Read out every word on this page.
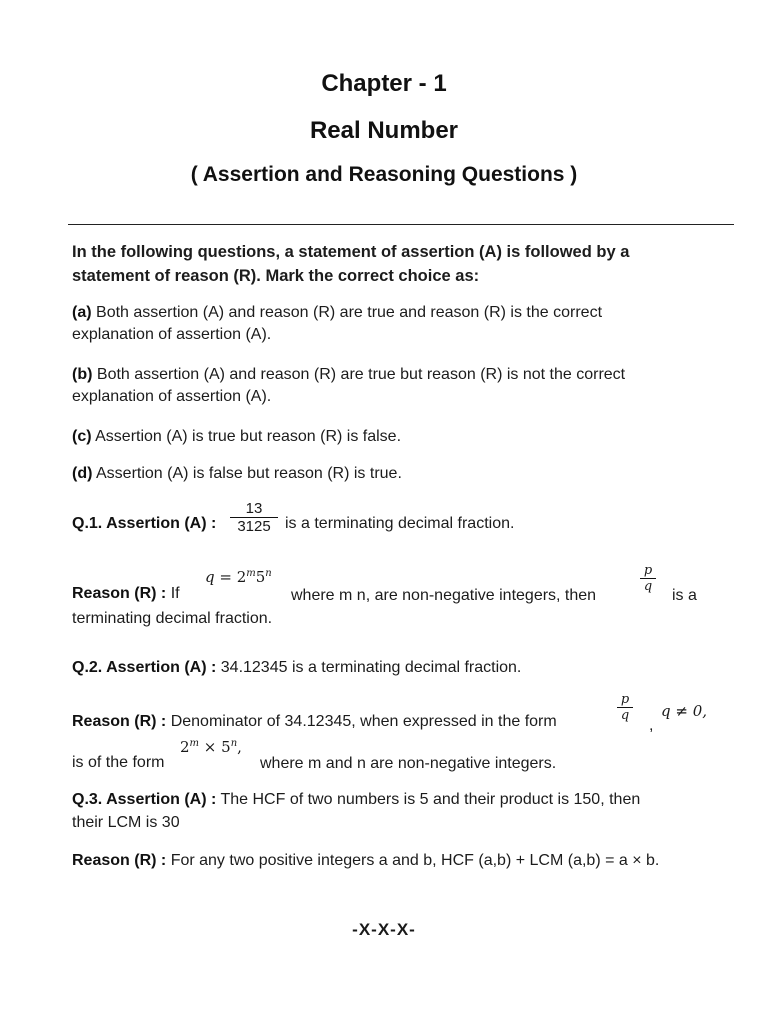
Chapter - 1
Real Number
( Assertion and Reasoning Questions )
In the following questions, a statement of assertion (A) is followed by a
statement of reason (R). Mark the correct choice as:
(a) Both assertion (A) and reason (R) are true and reason (R) is the correct
explanation of assertion (A).
(b) Both assertion (A) and reason (R) are true but reason (R) is not the correct
explanation of assertion (A).
(c) Assertion (A) is true but reason (R) is false.
(d) Assertion (A) is false but reason (R) is true.
Q.1. Assertion (A) : $\frac{13}{3125}$ is a terminating decimal fraction.
Reason (R) : If
$q = 2^m5^n$
where m n, are non-negative integers, then
$\frac{p}{q}$
is a
terminating decimal fraction.
Q.2. Assertion (A) : 34.12345 is a terminating decimal fraction.
Reason (R) : Denominator of 34.12345, when expressed in the form	$\frac{p}{q}$
,
q ≠ 0,
is of the form
$2^m \times 5^n$,
where m and n are non-negative integers.
Q.3. Assertion (A) : The HCF of two numbers is 5 and their product is 150, then
their LCM is 30
Reason (R) : For any two positive integers a and b, HCF (a,b) + LCM (a,b) = a × b.
-X-X-X-
